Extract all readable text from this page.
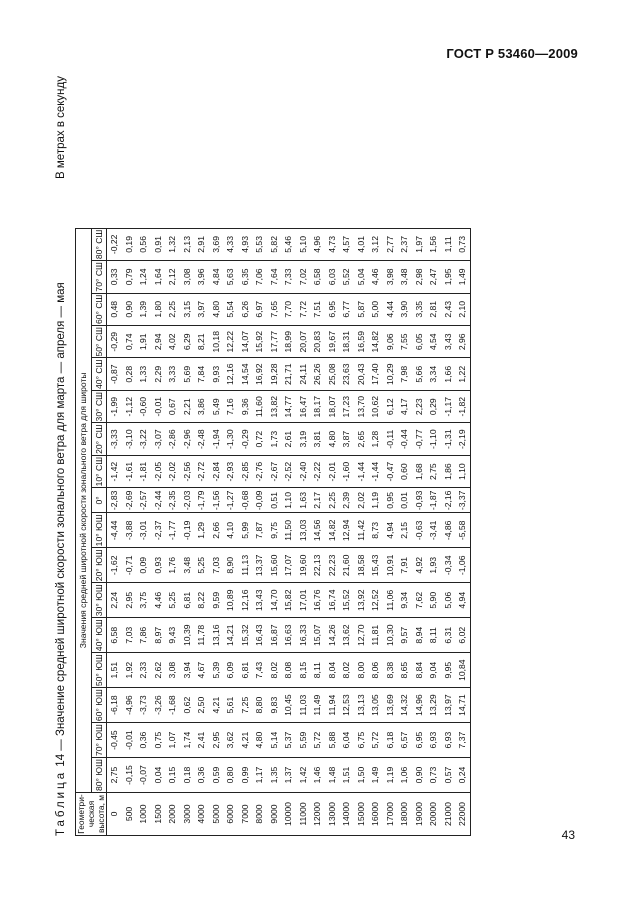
ГОСТ Р 53460—2009
Таблица 14 — Значение средней широтной скорости зонального ветра для марта — апреля — мая
В метрах в секунду
Геометри-
ческая
высота, м	Значения средней широтной скорости зонального ветра для широты																
	80° ЮШ	70° ЮШ	60° ЮШ	50° ЮШ	40° ЮШ	30° ЮШ	20° ЮШ	10° ЮШ	0°	10° СШ	20° СШ	30° СШ	40° СШ	50° СШ	60° СШ	70° СШ	80° СШ
0	2,75	-0,45	-6,18	1,51	6,58	2,24	-1,62	-4,44	-2,83	-1,42	-3,33	-1,99	-0,87	-0,29	0,48	0,33	-0,22
500	-0,15	-0,01	-4,96	1,92	7,03	2,95	-0,71	-3,88	-2,69	-1,61	-3,10	-1,12	0,28	0,74	0,90	0,79	0,19
1000	-0,07	0,36	-3,73	2,33	7,86	3,75	0,09	-3,01	-2,57	-1,81	-3,22	-0,60	1,33	1,91	1,39	1,24	0,56
1500	0,04	0,75	-3,26	2,62	8,97	4,46	0,93	-2,37	-2,44	-2,05	-3,07	-0,01	2,29	2,94	1,80	1,64	0,91
2000	0,15	1,07	-1,68	3,08	9,43	5,25	1,76	-1,77	-2,35	-2,02	-2,86	0,67	3,33	4,02	2,25	2,12	1,32
3000	0,18	1,74	0,62	3,94	10,39	6,81	3,48	-0,19	-2,03	-2,56	-2,96	2,21	5,69	6,29	3,15	3,08	2,13
4000	0,36	2,41	2,50	4,67	11,78	8,22	5,25	1,29	-1,79	-2,72	-2,48	3,86	7,84	8,21	3,97	3,96	2,91
5000	0,59	2,95	4,21	5,39	13,16	9,59	7,03	2,66	-1,56	-2,84	-1,94	5,49	9,93	10,18	4,80	4,84	3,69
6000	0,80	3,62	5,61	6,09	14,21	10,89	8,90	4,10	-1,27	-2,93	-1,30	7,16	12,16	12,22	5,54	5,63	4,33
7000	0,99	4,21	7,25	6,81	15,32	12,16	11,13	5,99	-0,68	-2,85	-0,29	9,36	14,54	14,07	6,26	6,35	4,93
8000	1,17	4,80	8,80	7,43	16,43	13,43	13,37	7,87	-0,09	-2,76	0,72	11,60	16,92	15,92	6,97	7,06	5,53
9000	1,35	5,14	9,83	8,02	16,87	14,70	15,60	9,75	0,51	-2,67	1,73	13,82	19,28	17,77	7,65	7,64	5,82
10000	1,37	5,37	10,45	8,08	16,63	15,82	17,07	11,50	1,10	-2,52	2,61	14,77	21,71	18,99	7,70	7,33	5,46
11000	1,42	5,59	11,03	8,15	16,33	17,01	19,60	13,03	1,63	-2,40	3,19	16,47	24,11	20,07	7,72	7,02	5,10
12000	1,46	5,72	11,49	8,11	15,07	16,76	22,13	14,56	2,17	-2,22	3,81	18,17	26,26	20,83	7,51	6,58	4,96
13000	1,48	5,88	11,94	8,04	14,26	16,74	22,23	14,82	2,25	-2,01	4,80	18,07	25,08	19,67	6,95	6,03	4,73
14000	1,51	6,04	12,53	8,02	13,62	15,52	21,60	12,94	2,39	-1,60	3,87	17,23	23,63	18,31	6,77	5,52	4,57
15000	1,50	6,75	13,13	8,00	12,70	13,92	18,58	11,42	2,02	-1,44	2,65	13,70	20,43	16,59	5,87	5,04	4,01
16000	1,49	5,72	13,05	8,06	11,81	12,52	15,43	8,73	1,19	-1,44	1,28	10,62	17,40	14,82	5,00	4,46	3,12
17000	1,19	6,18	13,69	8,38	10,30	11,06	10,91	4,94	0,95	-0,47	-0,11	6,12	10,29	9,06	4,44	3,98	2,77
18000	1,06	6,57	14,32	8,65	9,57	9,34	7,91	2,15	0,01	0,60	-0,44	4,17	7,98	7,55	3,90	3,48	2,37
19000	0,90	6,95	14,96	8,84	8,94	7,62	4,92	-0,63	-0,93	1,68	-0,77	2,23	5,66	6,05	3,35	2,98	1,97
20000	0,73	6,93	13,29	9,04	8,11	5,90	1,93	-3,41	-1,87	2,75	-1,10	0,29	3,34	4,54	2,81	2,47	1,56
21000	0,57	6,93	13,97	9,95	6,31	5,06	-0,34	-4,86	-2,16	1,86	-1,31	-1,17	1,66	3,43	2,43	1,95	1,11
22000	0,24	7,37	14,71	10,84	6,02	4,94	-1,06	-5,58	-3,37	1,10	-2,19	-1,82	1,22	2,96	2,10	1,49	0,73
43
